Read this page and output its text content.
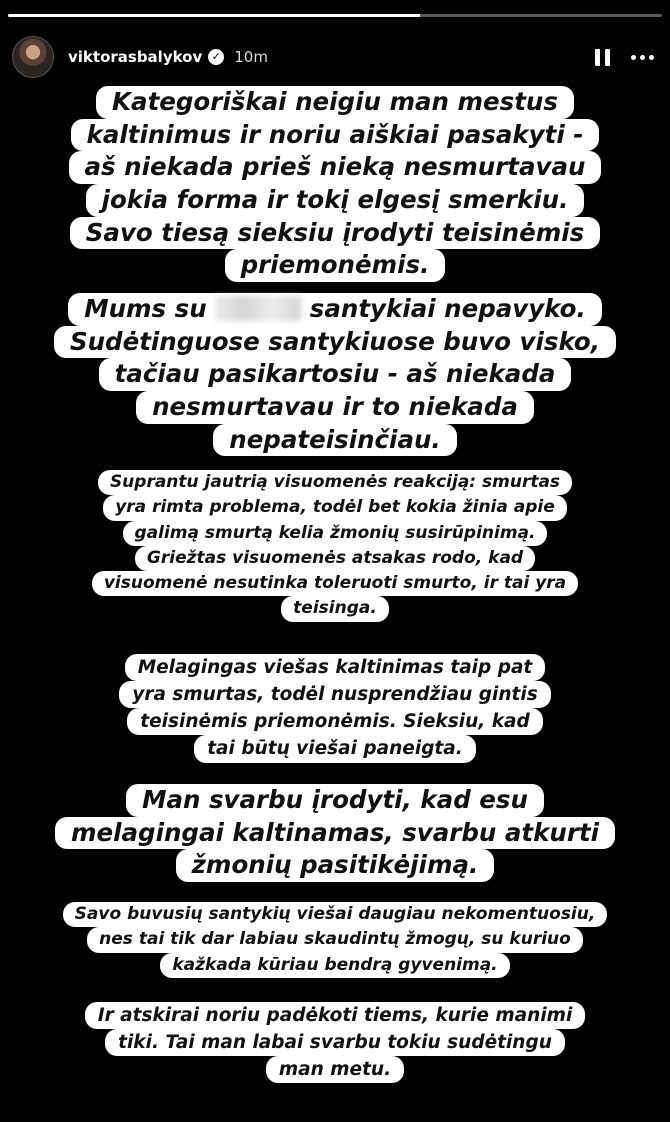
viktorasbalykov ✓ 10m
Kategoriškai neigiu man mestus
kaltinimus ir noriu aiškiai pasakyti -
aš niekada prieš nieką nesmurtavau
jokia forma ir tokį elgesį smerkiu.
Savo tiesą sieksiu įrodyti teisinėmis
priemonėmis.
Mums su	santykiai nepavyko.
Sudėtinguose santykiuose buvo visko,
tačiau pasikartosiu - aš niekada
nesmurtavau ir to niekada
nepateisinčiau.
Suprantu jautrią visuomenės reakciją: smurtas
yra rimta problema, todėl bet kokia žinia apie
galimą smurtą kelia žmonių susirūpinimą.
Griežtas visuomenės atsakas rodo, kad
visuomenė nesutinka toleruoti smurto, ir tai yra
teisinga.
Melagingas viešas kaltinimas taip pat
yra smurtas, todėl nusprendžiau gintis
teisinėmis priemonėmis. Sieksiu, kad
tai būtų viešai paneigta.
Man svarbu įrodyti, kad esu
melagingai kaltinamas, svarbu atkurti
žmonių pasitikėjimą.
Savo buvusių santykių viešai daugiau nekomentuosiu,
nes tai tik dar labiau skaudintų žmogų, su kuriuo
kažkada kūriau bendrą gyvenimą.
Ir atskirai noriu padėkoti tiems, kurie manimi
tiki. Tai man labai svarbu tokiu sudėtingu
man metu.
